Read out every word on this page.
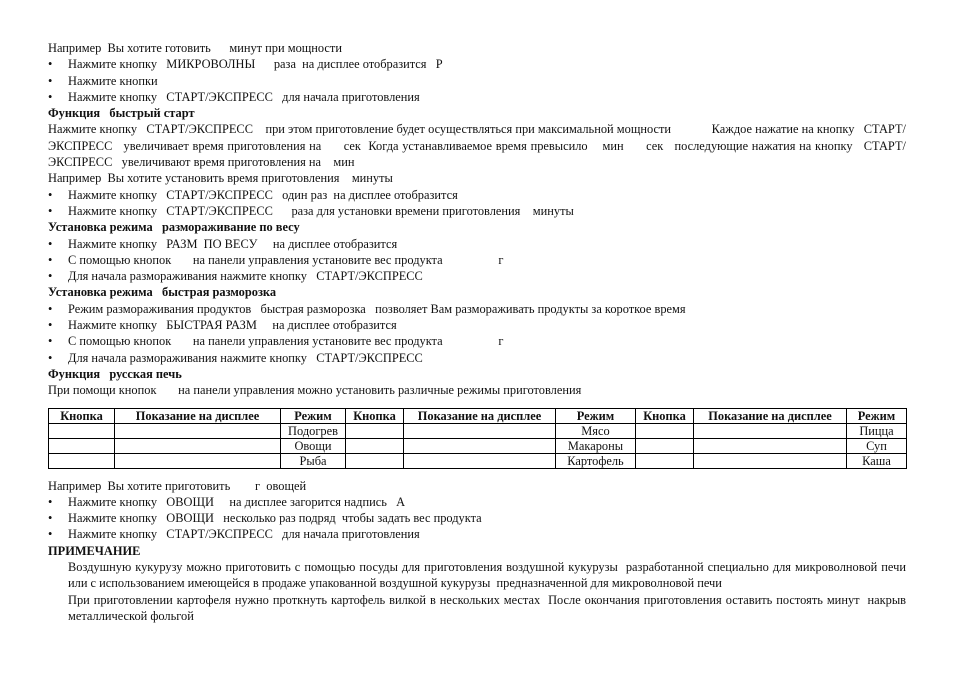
Например  Вы хотите готовить      минут при мощности

• Нажмите кнопку   МИКРОВОЛНЫ      раза  на дисплее отобразится   Р
• Нажмите кнопки
• Нажмите кнопку   СТАРТ/ЭКСПРЕСС   для начала приготовления

Функция   быстрый старт

Нажмите кнопку   СТАРТ/ЭКСПРЕСС    при этом приготовление будет осуществляться при максимальной мощности             Каждое нажатие на кнопку   СТАРТ/ЭКСПРЕСС   увеличивает время приготовления на      сек  Когда устанавливаемое время превысило    мин      сек   последующие нажатия на кнопку   СТАРТ/ЭКСПРЕСС   увеличивают время приготовления на    мин

Например  Вы хотите установить время приготовления    минуты

• Нажмите кнопку   СТАРТ/ЭКСПРЕСС   один раз  на дисплее отобразится
• Нажмите кнопку   СТАРТ/ЭКСПРЕСС      раза для установки времени приготовления    минуты

Установка режима   размораживание по весу

• Нажмите кнопку   РАЗМ  ПО ВЕСУ     на дисплее отобразится
• С помощью кнопок       на панели управления установите вес продукта                  г
• Для начала размораживания нажмите кнопку   СТАРТ/ЭКСПРЕСС

Установка режима   быстрая разморозка

• Режим размораживания продуктов   быстрая разморозка   позволяет Вам размораживать продукты за короткое время
• Нажмите кнопку   БЫСТРАЯ РАЗМ     на дисплее отобразится
• С помощью кнопок       на панели управления установите вес продукта                  г
• Для начала размораживания нажмите кнопку   СТАРТ/ЭКСПРЕСС

Функция   русская печь

При помощи кнопок       на панели управления можно установить различные режимы приготовления

Кнопка	Показание на дисплее	Режим	Кнопка	Показание на дисплее	Режим	Кнопка	Показание на дисплее	Режим
		Подогрев			Мясо			Пицца
		Овощи			Макароны			Суп
		Рыба			Картофель			Каша

Например  Вы хотите приготовить        г  овощей

• Нажмите кнопку   ОВОЩИ     на дисплее загорится надпись   А
• Нажмите кнопку   ОВОЩИ   несколько раз подряд  чтобы задать вес продукта
• Нажмите кнопку   СТАРТ/ЭКСПРЕСС   для начала приготовления

ПРИМЕЧАНИЕ

Воздушную кукурузу можно приготовить с помощью посуды для приготовления воздушной кукурузы  разработанной специально для микроволновой печи или с использованием имеющейся в продаже упакованной воздушной кукурузы  предназначенной для микроволновой печи

При приготовлении картофеля нужно проткнуть картофель вилкой в нескольких местах  После окончания приготовления оставить постоять минут  накрыв металлической фольгой
